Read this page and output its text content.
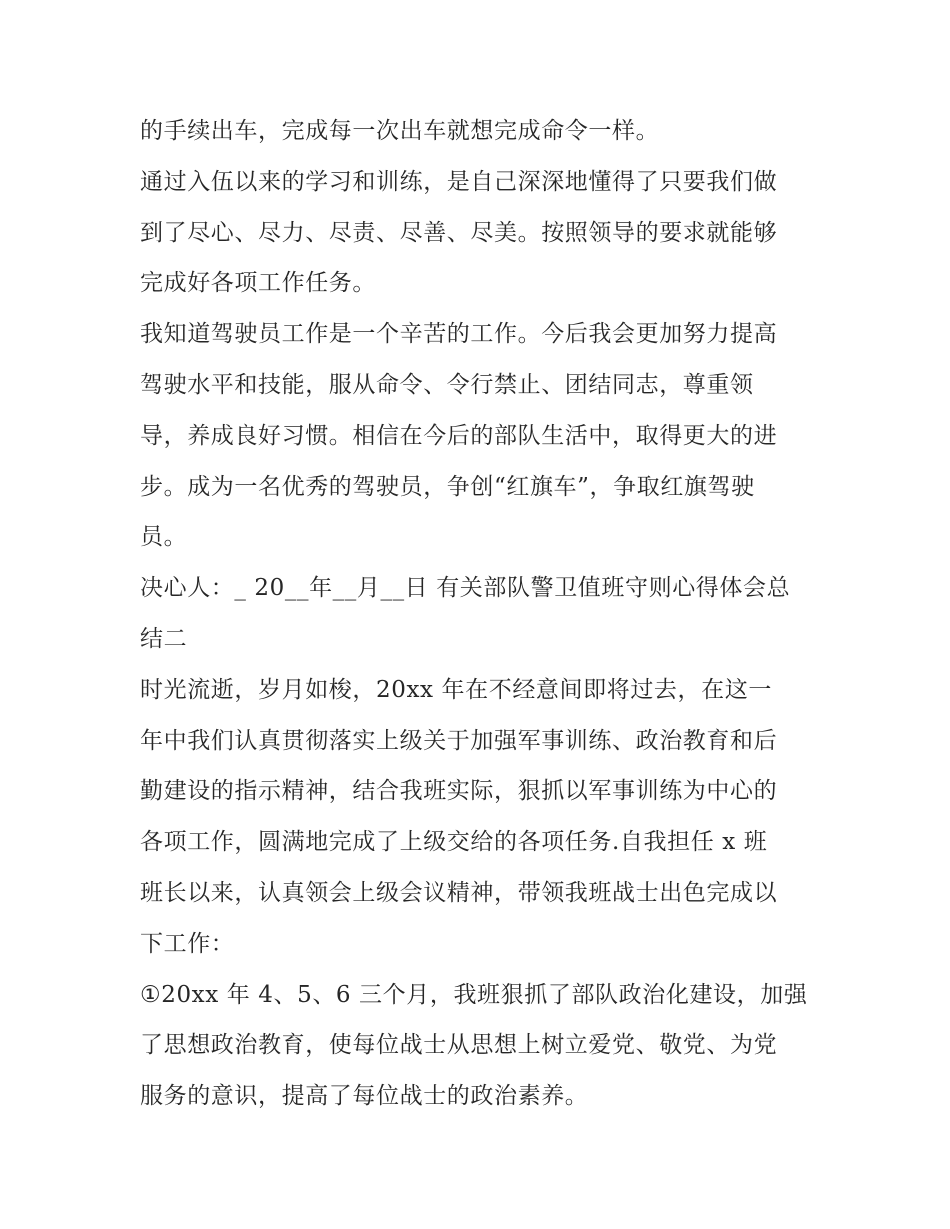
的手续出车，完成每一次出车就想完成命令一样。
通过入伍以来的学习和训练，是自己深深地懂得了只要我们做
到了尽心、尽力、尽责、尽善、尽美。按照领导的要求就能够
完成好各项工作任务。
我知道驾驶员工作是一个辛苦的工作。今后我会更加努力提高
驾驶水平和技能，服从命令、令行禁止、团结同志，尊重领
导，养成良好习惯。相信在今后的部队生活中，取得更大的进
步。成为一名优秀的驾驶员，争创“红旗车”，争取红旗驾驶
员。
决心人：_ 20__年__月__日 有关部队警卫值班守则心得体会总
结二
时光流逝，岁月如梭，20xx 年在不经意间即将过去，在这一
年中我们认真贯彻落实上级关于加强军事训练、政治教育和后
勤建设的指示精神，结合我班实际，狠抓以军事训练为中心的
各项工作，圆满地完成了上级交给的各项任务.自我担任 x 班
班长以来，认真领会上级会议精神，带领我班战士出色完成以
下工作：
①20xx 年 4、5、6 三个月，我班狠抓了部队政治化建设，加强
了思想政治教育，使每位战士从思想上树立爱党、敬党、为党
服务的意识，提高了每位战士的政治素养。
